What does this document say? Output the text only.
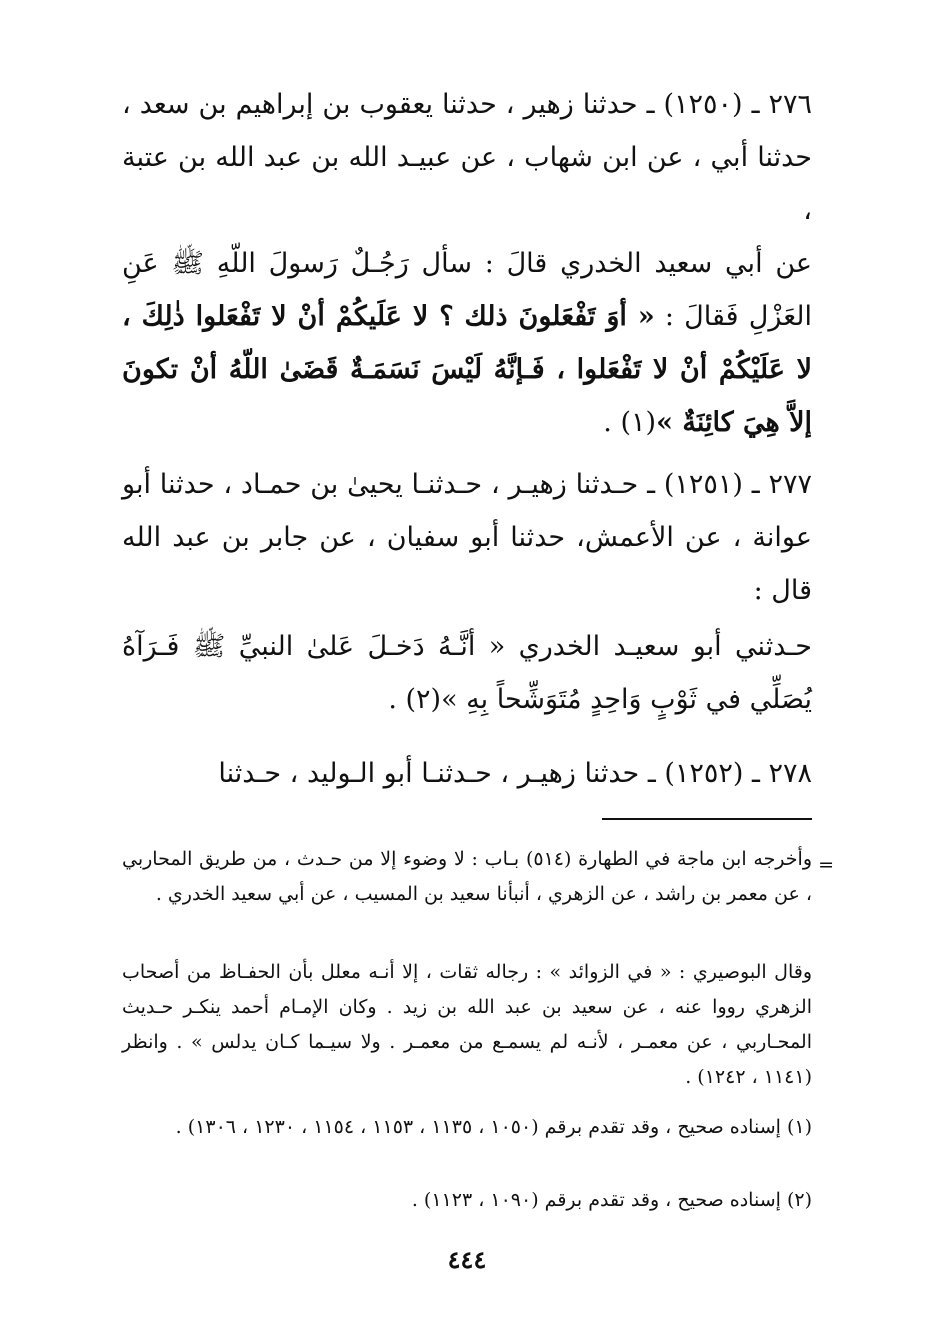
٢٧٦ ـ (١٢٥٠) ـ حدثنا زهير ، حدثنا يعقوب بن إبراهيم بن سعد ، حدثنا أبي ، عن ابن شهاب ، عن عبيـد الله بن عبد الله بن عتبة ،

عن أبي سعيد الخدري قالَ : سأل رَجُـلٌ رَسولَ اللّهِ ﷺ عَنِ العَزْلِ فَقالَ : « أوَ تَفْعَلونَ ذلك ؟ لا عَلَيكُمْ أنْ لا تَفْعَلوا ذٰلِكَ ، لا عَلَيْكُمْ أنْ لا تَفْعَلوا ، فَـإنَّهُ لَيْسَ نَسَمَـةٌ قَضَىٰ اللّهُ أنْ تكونَ إلاَّ هِيَ كائِنَةٌ »(١) .

٢٧٧ ـ (١٢٥١) ـ حـدثنا زهيـر ، حـدثنـا يحيىٰ بن حمـاد ، حدثنا أبو عوانة ، عن الأعمش، حدثنا أبو سفيان ، عن جابر بن عبد الله قال :

حـدثني أبو سعيـد الخدري « أنَّـهُ دَخـلَ عَلىٰ النبيِّ ﷺ فَـرَآهُ يُصَلِّي في ثَوْبٍ وَاحِدٍ مُتَوَشِّحاً بِهِ »(٢) .

٢٧٨ ـ (١٢٥٢) ـ حدثنا زهيـر ، حـدثنـا أبو الـوليد ، حـدثنا

=

وأخرجه ابن ماجة في الطهارة (٥١٤) بـاب : لا وضوء إلا من حـدث ، من طريق المحاربي ، عن معمر بن راشد ، عن الزهري ، أنبأنا سعيد بن المسيب ، عن أبي سعيد الخدري .

وقال البوصيري : « في الزوائد » : رجاله ثقات ، إلا أنـه معلل بأن الحفـاظ من أصحاب الزهري رووا عنه ، عن سعيد بن عبد الله بن زيد . وكان الإمـام أحمد ينكـر حـديث المحـاربي ، عن معمـر ، لأنـه لم يسمـع من معمـر . ولا سيـما كـان يدلس » . وانظر (١١٤١ ، ١٢٤٢) .

(١) إسناده صحيح ، وقد تقدم برقم (١٠٥٠ ، ١١٣٥ ، ١١٥٣ ، ١١٥٤ ، ١٢٣٠ ، ١٣٠٦) .

(٢) إسناده صحيح ، وقد تقدم برقم (١٠٩٠ ، ١١٢٣) .

٤٤٤
